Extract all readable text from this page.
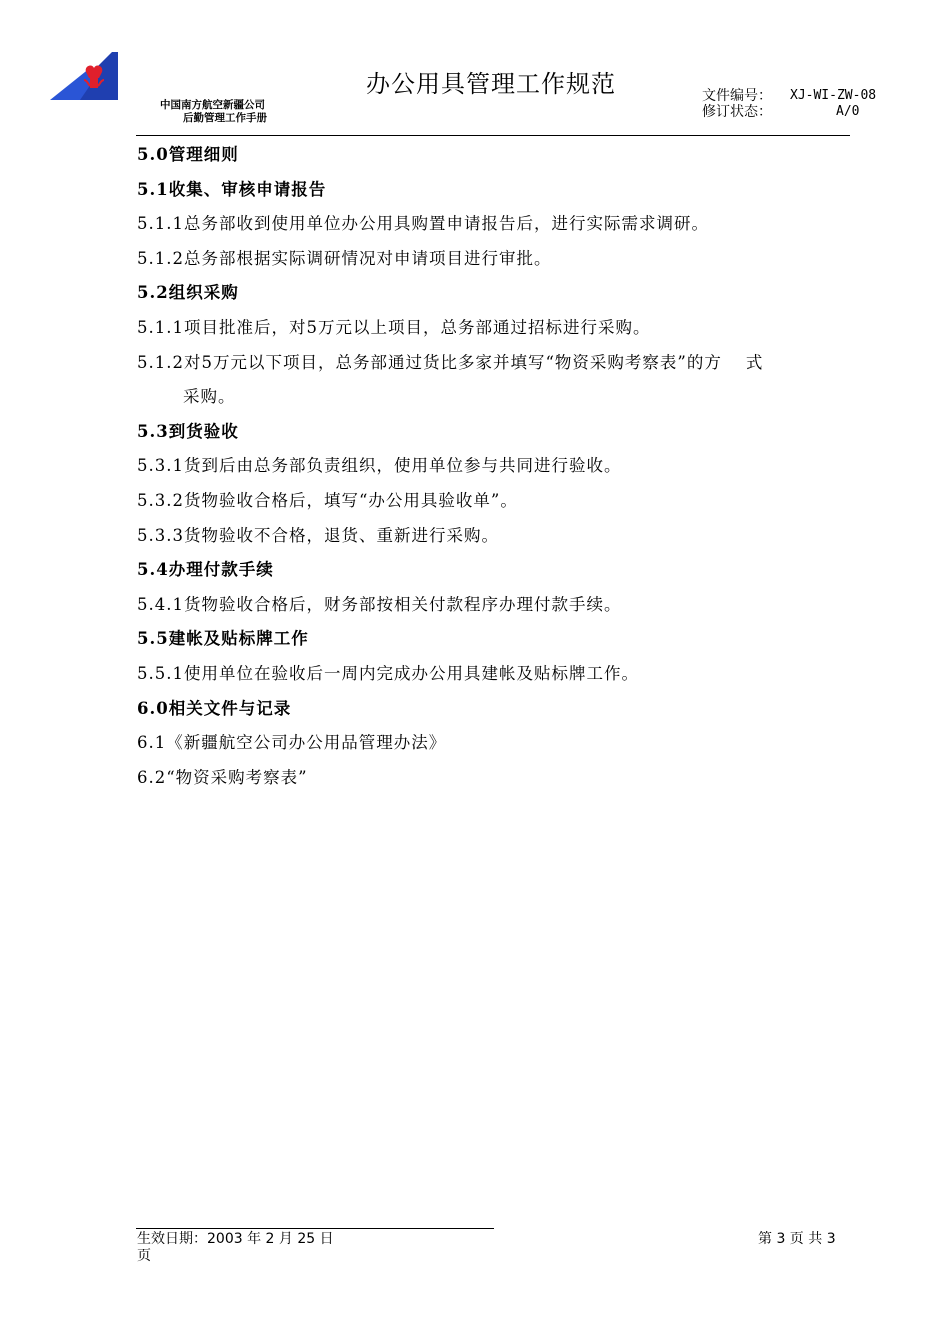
中国南方航空新疆公司
后勤管理工作手册
办公用具管理工作规范	文件编号：	XJ-WI-ZW-08
修订状态：	A/0
5.0管理细则
5.1收集、审核申请报告
5.1.1总务部收到使用单位办公用具购置申请报告后，进行实际需求调研。
5.1.2总务部根据实际调研情况对申请项目进行审批。
5.2组织采购
5.1.1项目批准后，对5万元以上项目，总务部通过招标进行采购。
5.1.2对5万元以下项目，总务部通过货比多家并填写“物资采购考察表”的方 式
采购。
5.3到货验收
5.3.1货到后由总务部负责组织，使用单位参与共同进行验收。
5.3.2货物验收合格后，填写“办公用具验收单”。
5.3.3货物验收不合格，退货、重新进行采购。
5.4办理付款手续
5.4.1货物验收合格后，财务部按相关付款程序办理付款手续。
5.5建帐及贴标牌工作
5.5.1使用单位在验收后一周内完成办公用具建帐及贴标牌工作。
6.0相关文件与记录
6.1《新疆航空公司办公用品管理办法》
6.2“物资采购考察表”
生效日期：2003 年 2 月 25 日
页
第 3 页 共 3
